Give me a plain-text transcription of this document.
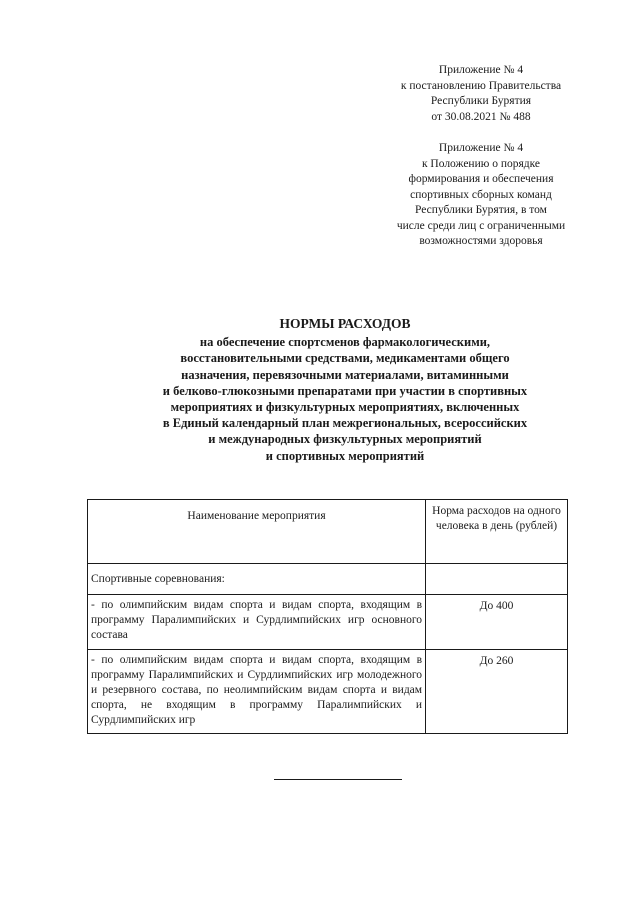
Приложение № 4
к постановлению Правительства
Республики Бурятия
от 30.08.2021 № 488
Приложение № 4
к Положению о порядке
формирования и обеспечения
спортивных сборных команд
Республики Бурятия, в том
числе среди лиц с ограниченными
возможностями здоровья
НОРМЫ РАСХОДОВ
на обеспечение спортсменов фармакологическими,
восстановительными средствами, медикаментами общего
назначения, перевязочными материалами, витаминными
и белково-глюкозными препаратами при участии в спортивных
мероприятиях и физкультурных мероприятиях, включенных
в Единый календарный план межрегиональных, всероссийских
и международных физкультурных мероприятий
и спортивных мероприятий
Наименование мероприятия	Норма расходов на одного человека в день (рублей)
Спортивные соревнования:	
- по олимпийским видам спорта и видам спорта, входящим в программу Паралимпийских и Сурдлимпийских игр основного состава	До 400
- по олимпийским видам спорта и видам спорта, входящим в программу Паралимпийских и Сурдлимпийских игр молодежного и резервного состава, по неолимпийским видам спорта и видам спорта, не входящим в программу Паралимпийских и Сурдлимпийских игр	До 260
